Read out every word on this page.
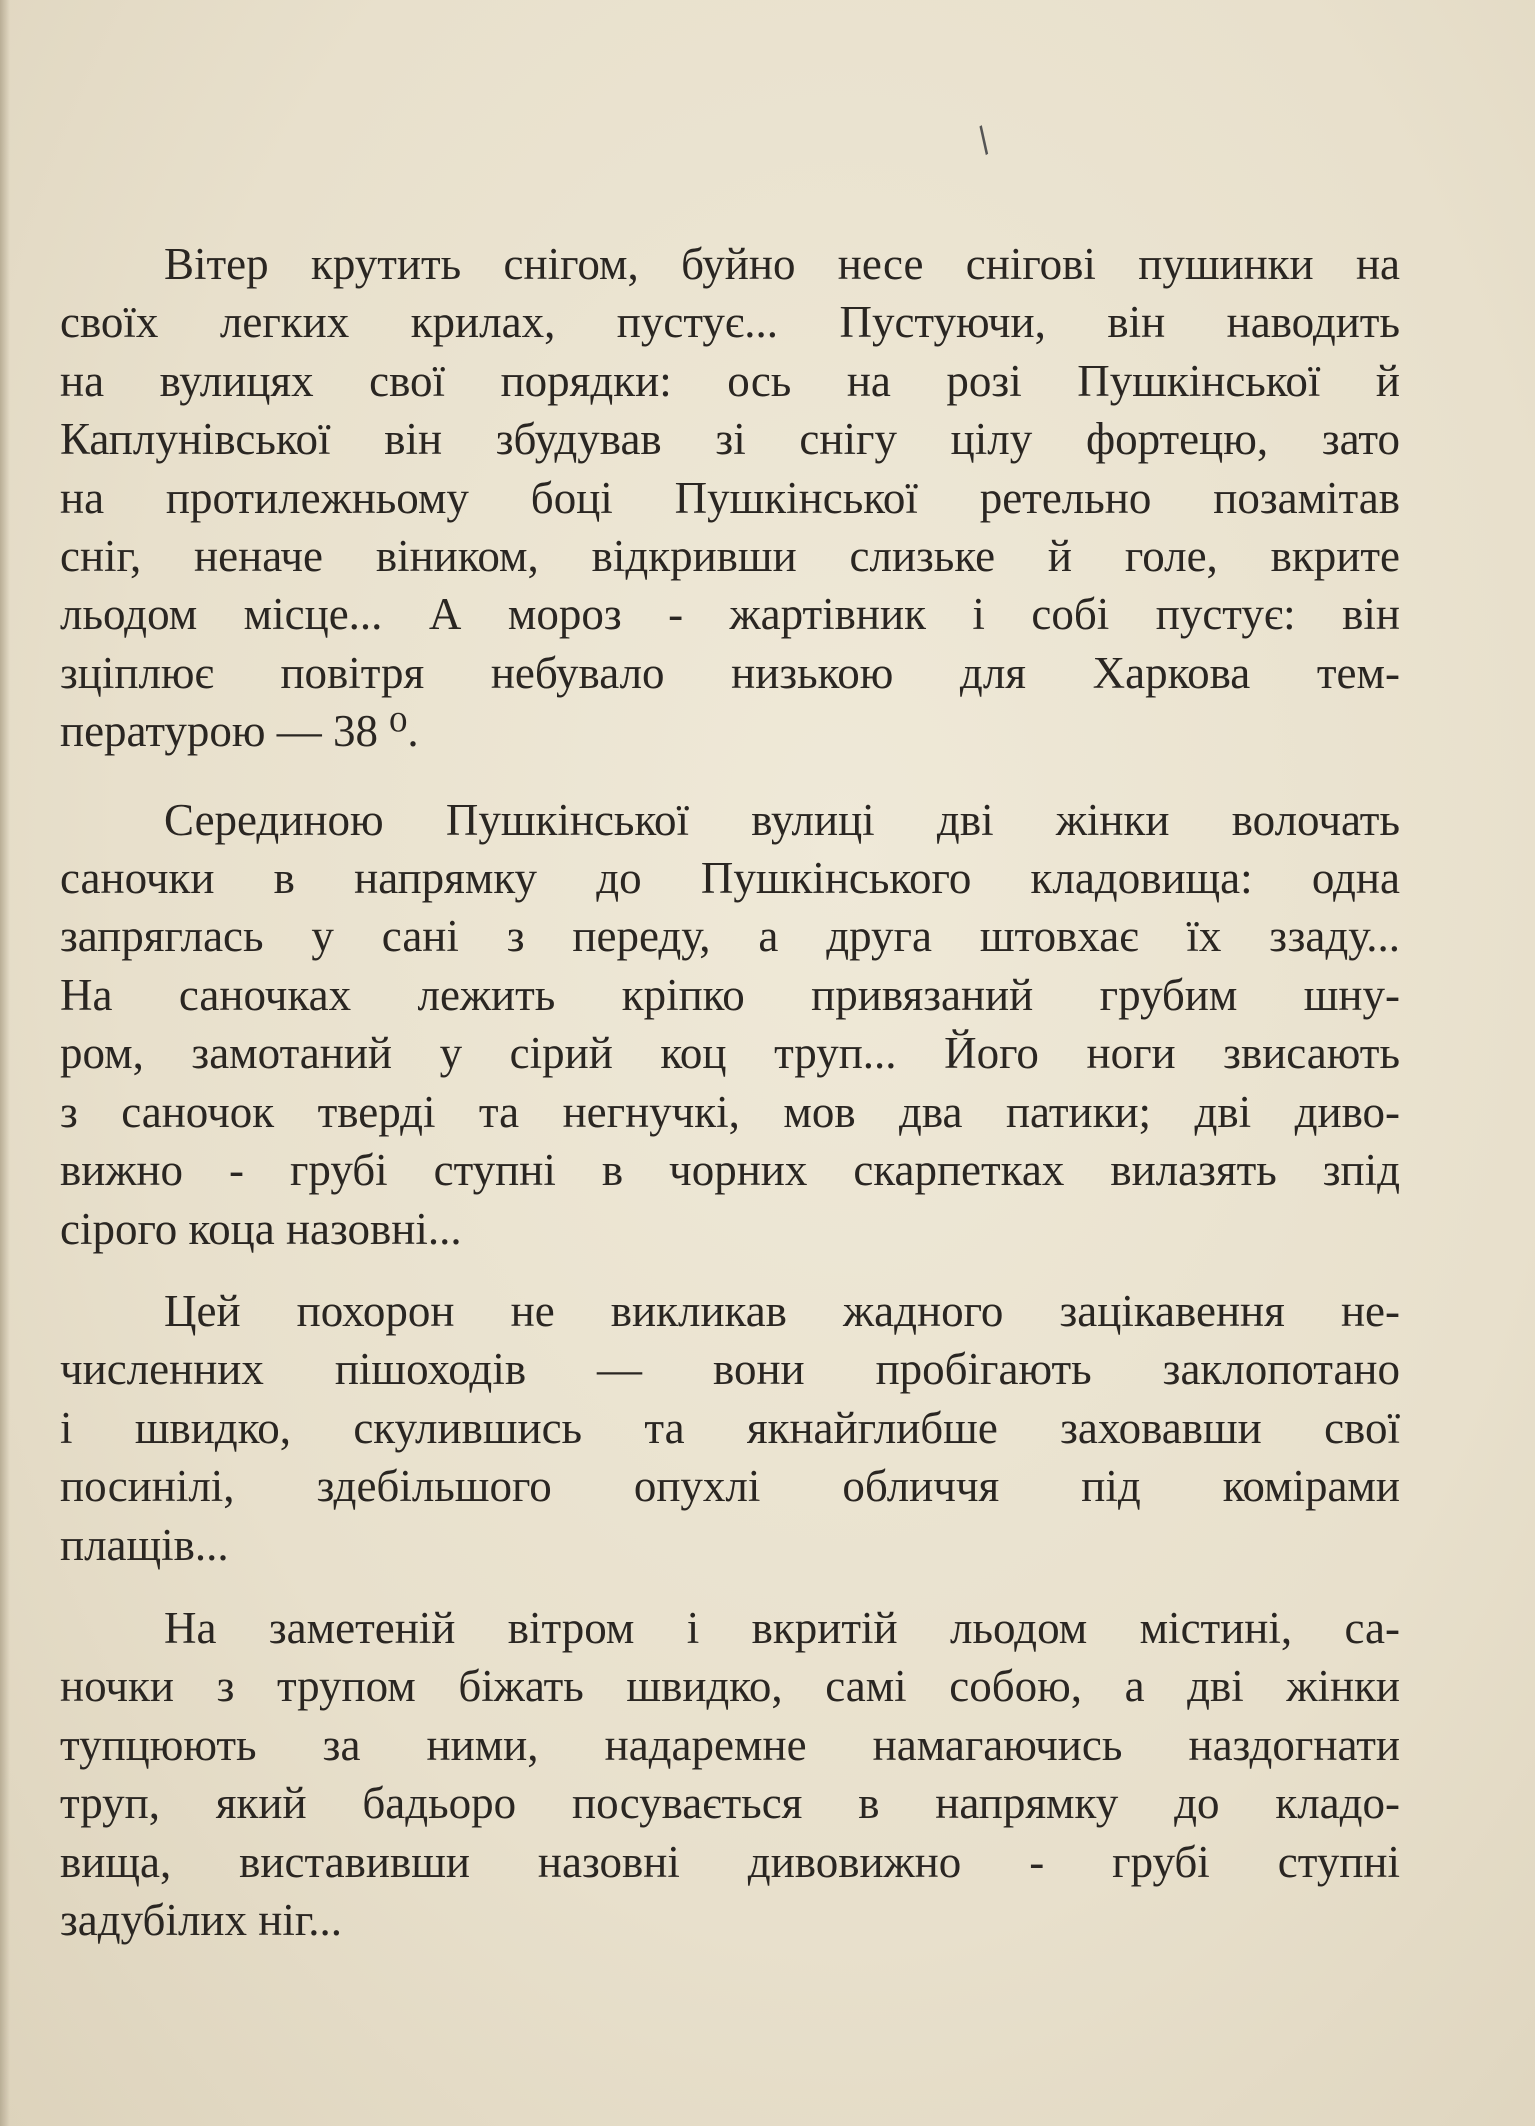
/

Вітер крутить снігом, буйно несе снігові пушинки на
своїх легких крилах, пустує... Пустуючи, він наводить
на вулицях свої порядки: ось на розі Пушкінської й
Каплунівської він збудував зі снігу цілу фортецю, зато
на протилежньому боці Пушкінської ретельно позамітав
сніг, неначе віником, відкривши слизьке й голе, вкрите
льодом місце... А мороз - жартівник і собі пустує: він
зціплює повітря небувало низькою для Харкова тем-
пературою — 38 ⁰.

Серединою Пушкінської вулиці дві жінки волочать
саночки в напрямку до Пушкінського кладовища: одна
запряглась у сані з переду, а друга штовхає їх ззаду...
На саночках лежить кріпко привязаний грубим шну-
ром, замотаний у сірий коц труп... Його ноги звисають
з саночок тверді та негнучкі, мов два патики; дві диво-
вижно - грубі ступні в чорних скарпетках вилазять зпід
сірого коца назовні...

Цей похорон не викликав жадного зацікавення не-
численних пішоходів — вони пробігають заклопотано
і швидко, скулившись та якнайглибше заховавши свої
посинілі, здебільшого опухлі обличчя під комірами
плащів...

На заметеній вітром і вкритій льодом містині, са-
ночки з трупом біжать швидко, самі собою, а дві жінки
тупцюють за ними, надаремне намагаючись наздогнати
труп, який бадьоро посувається в напрямку до кладо-
вища, виставивши назовні дивовижно - грубі ступні
задубілих ніг...
